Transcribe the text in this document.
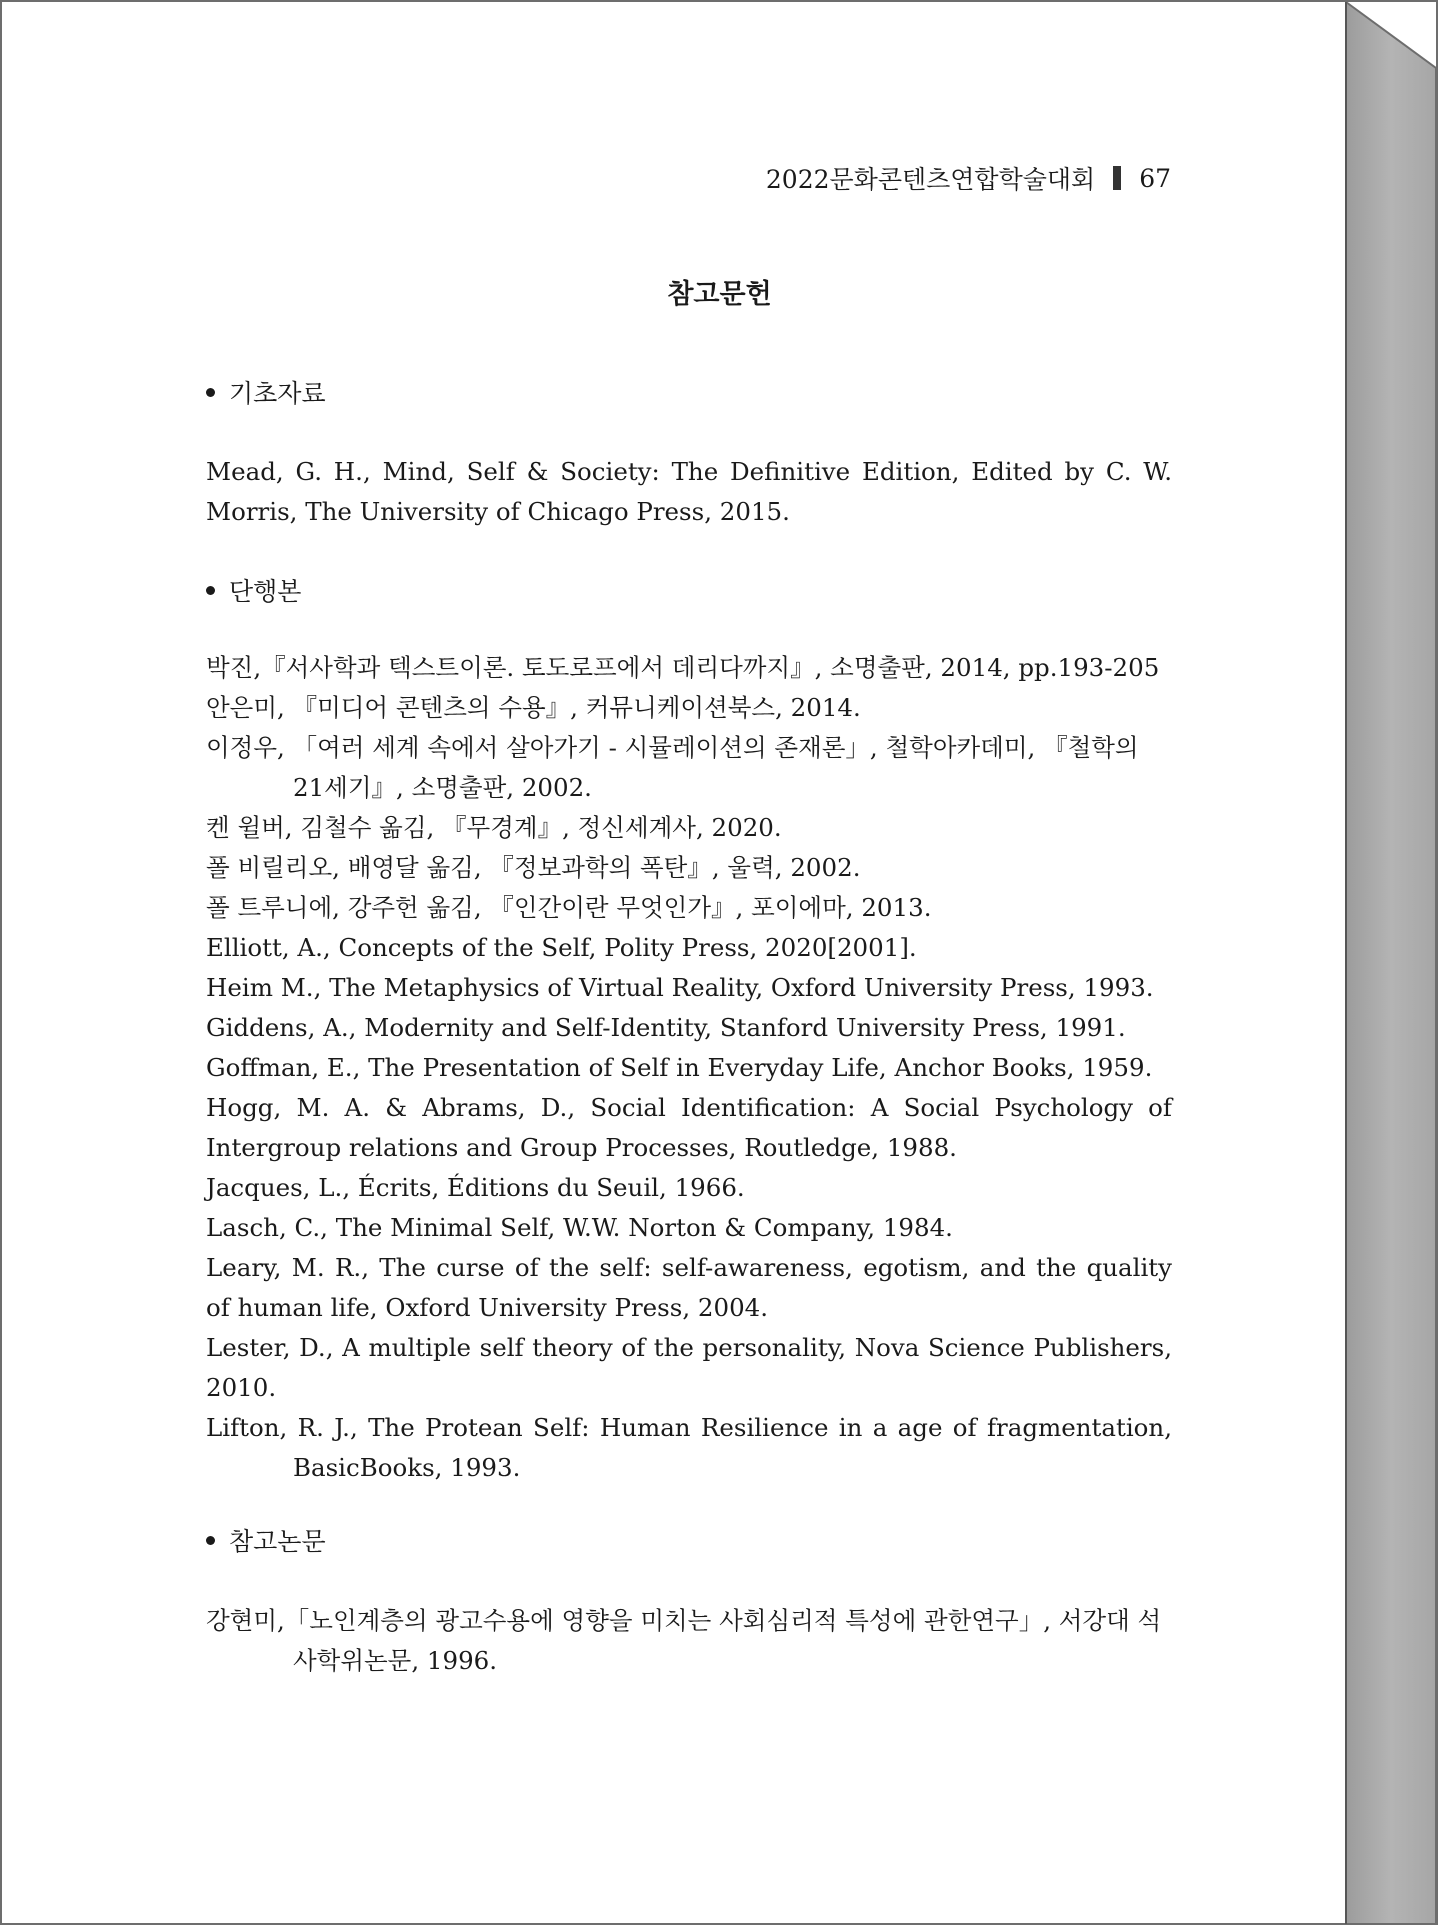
2022문화콘텐츠연합학술대회 67
참고문헌
기초자료
Mead, G. H., Mind, Self & Society: The Definitive Edition, Edited by C. W. Morris, The University of Chicago Press, 2015.
단행본
박진,『서사학과 텍스트이론. 토도로프에서 데리다까지』, 소명출판, 2014, pp.193-205
안은미, 『미디어 콘텐츠의 수용』, 커뮤니케이션북스, 2014.
이정우, 「여러 세계 속에서 살아가기 - 시뮬레이션의 존재론」, 철학아카데미, 『철학의 21세기』, 소명출판, 2002.
켄 윌버, 김철수 옮김, 『무경계』, 정신세계사, 2020.
폴 비릴리오, 배영달 옮김, 『정보과학의 폭탄』, 울력, 2002.
폴 트루니에, 강주헌 옮김, 『인간이란 무엇인가』, 포이에마, 2013.
Elliott, A., Concepts of the Self, Polity Press, 2020[2001].
Heim M., The Metaphysics of Virtual Reality, Oxford University Press, 1993.
Giddens, A., Modernity and Self-Identity, Stanford University Press, 1991.
Goffman, E., The Presentation of Self in Everyday Life, Anchor Books, 1959.
Hogg, M. A. & Abrams, D., Social Identification: A Social Psychology of Intergroup relations and Group Processes, Routledge, 1988.
Jacques, L., Écrits, Éditions du Seuil, 1966.
Lasch, C., The Minimal Self, W.W. Norton & Company, 1984.
Leary, M. R., The curse of the self: self-awareness, egotism, and the quality of human life, Oxford University Press, 2004.
Lester, D., A multiple self theory of the personality, Nova Science Publishers, 2010.
Lifton, R. J., The Protean Self: Human Resilience in a age of fragmentation, BasicBooks, 1993.
참고논문
강현미,「노인계층의 광고수용에 영향을 미치는 사회심리적 특성에 관한연구」, 서강대 석사학위논문, 1996.
